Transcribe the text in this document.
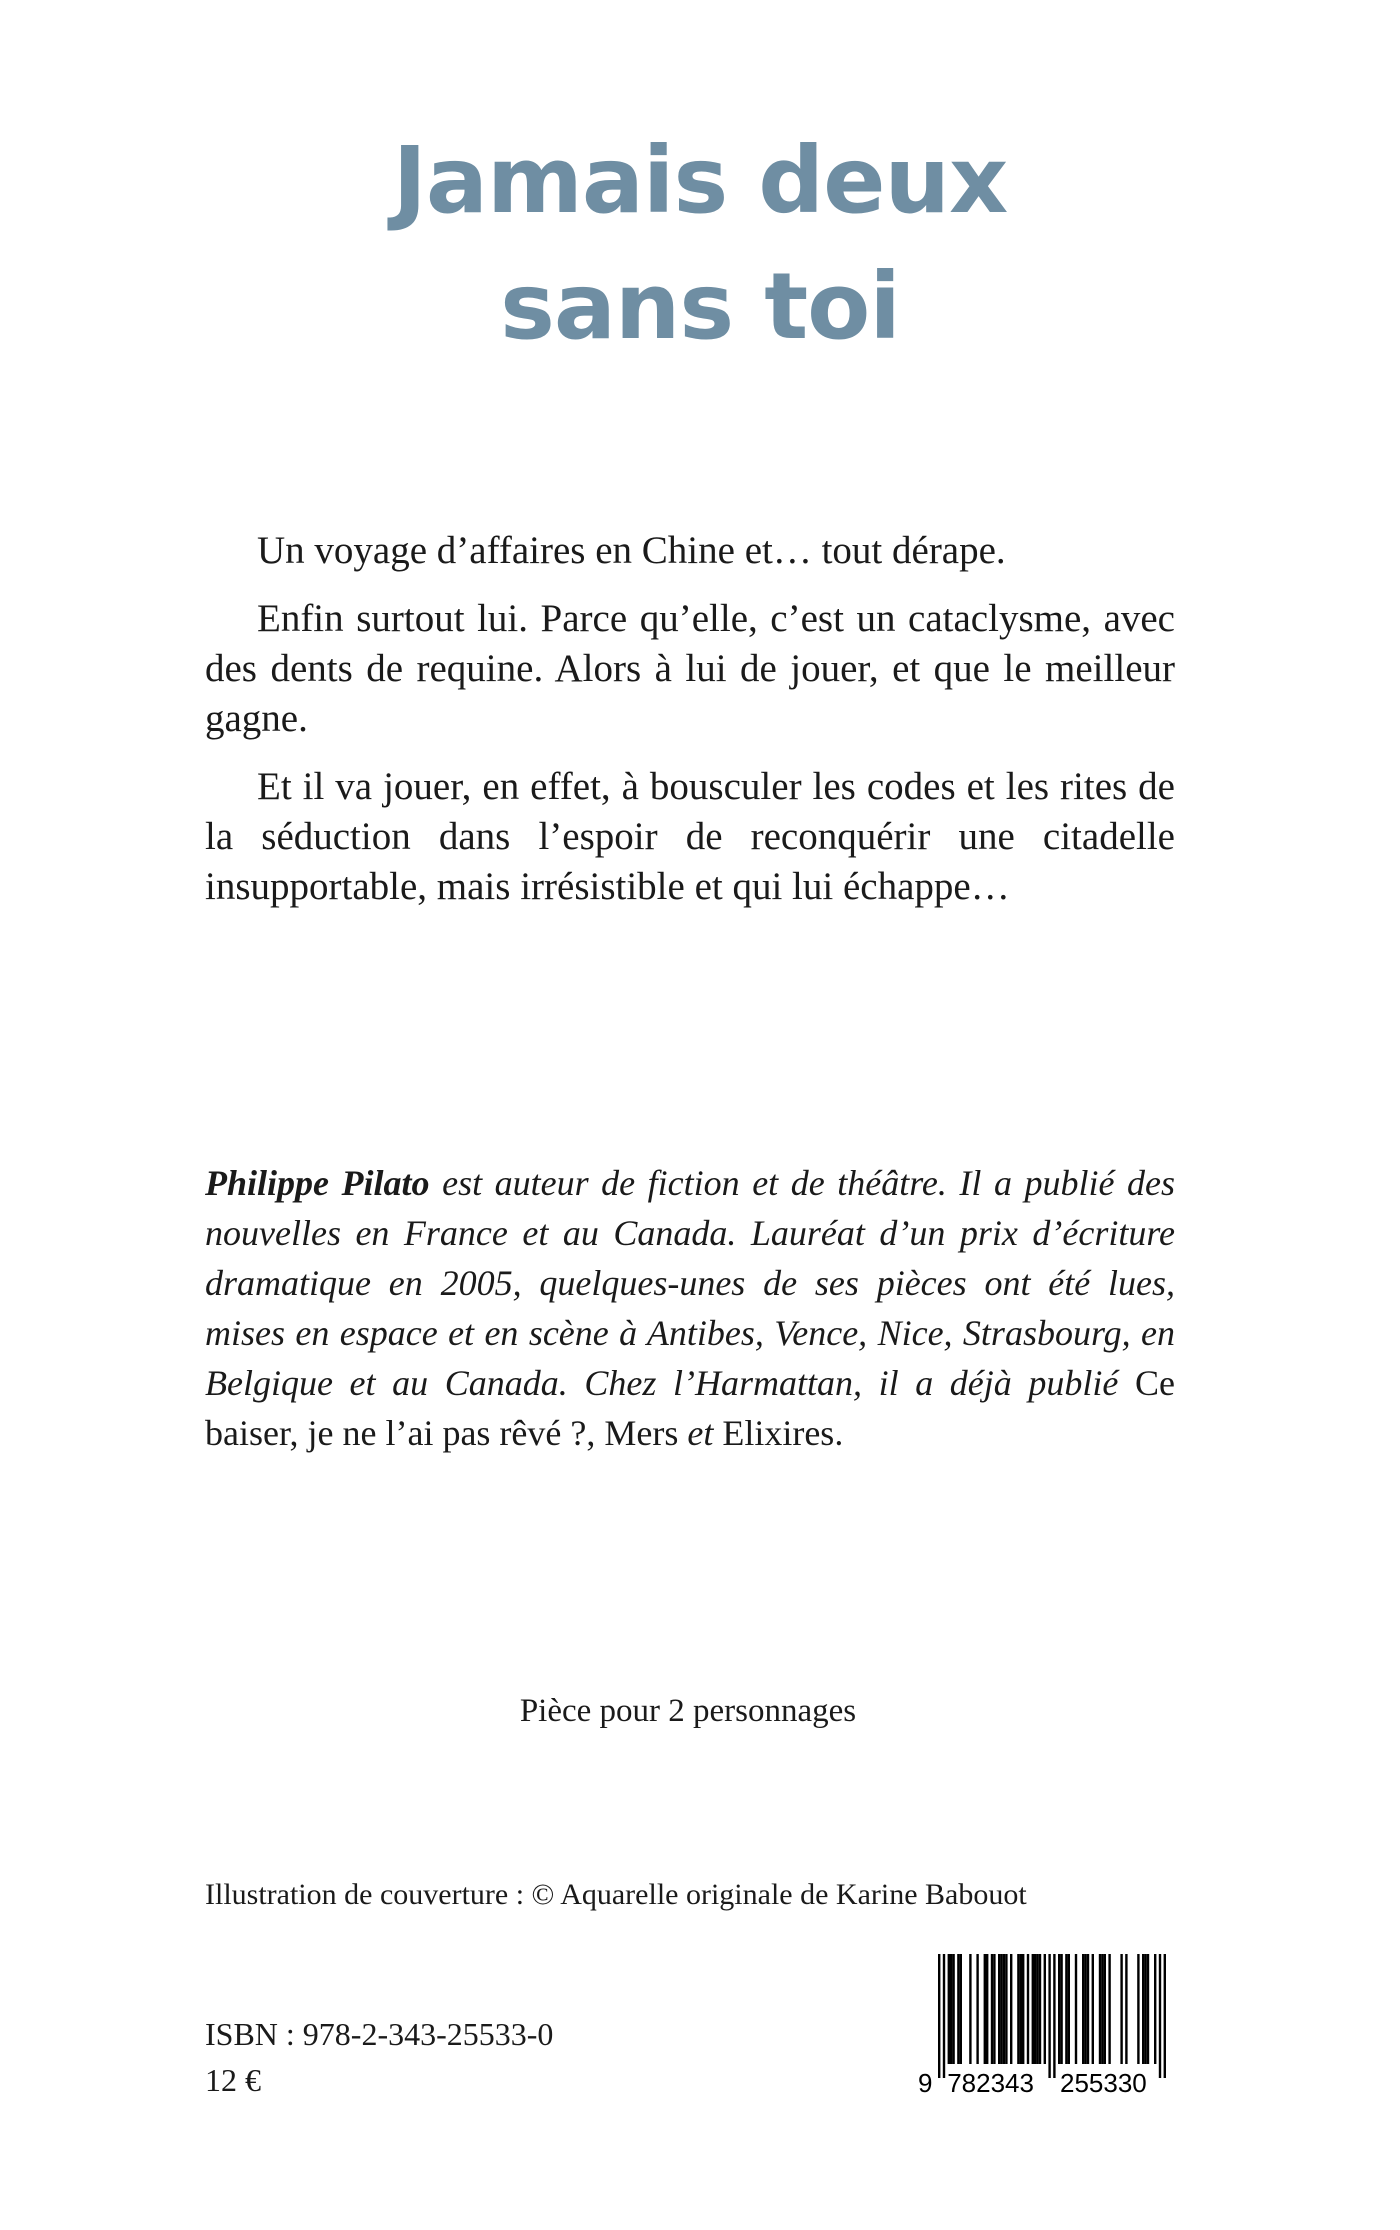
Jamais deux
sans toi

Un voyage d’affaires en Chine et… tout dérape.

Enfin surtout lui. Parce qu’elle, c’est un cataclysme, avec des dents de requine. Alors à lui de jouer, et que le meilleur gagne.

Et il va jouer, en effet, à bousculer les codes et les rites de la séduction dans l’espoir de reconquérir une citadelle insupportable, mais irrésistible et qui lui échappe…

Philippe Pilato est auteur de fiction et de théâtre. Il a publié des nouvelles en France et au Canada. Lauréat d’un prix d’écriture dramatique en 2005, quelques-unes de ses pièces ont été lues, mises en espace et en scène à Antibes, Vence, Nice, Strasbourg, en Belgique et au Canada. Chez l’Harmattan, il a déjà publié Ce baiser, je ne l’ai pas rêvé ?, Mers et Elixires.
Pièce pour 2 personnages
Illustration de couverture : © Aquarelle originale de Karine Babouot
ISBN : 978-2-343-25533-0
12 €	9 782343 255330
